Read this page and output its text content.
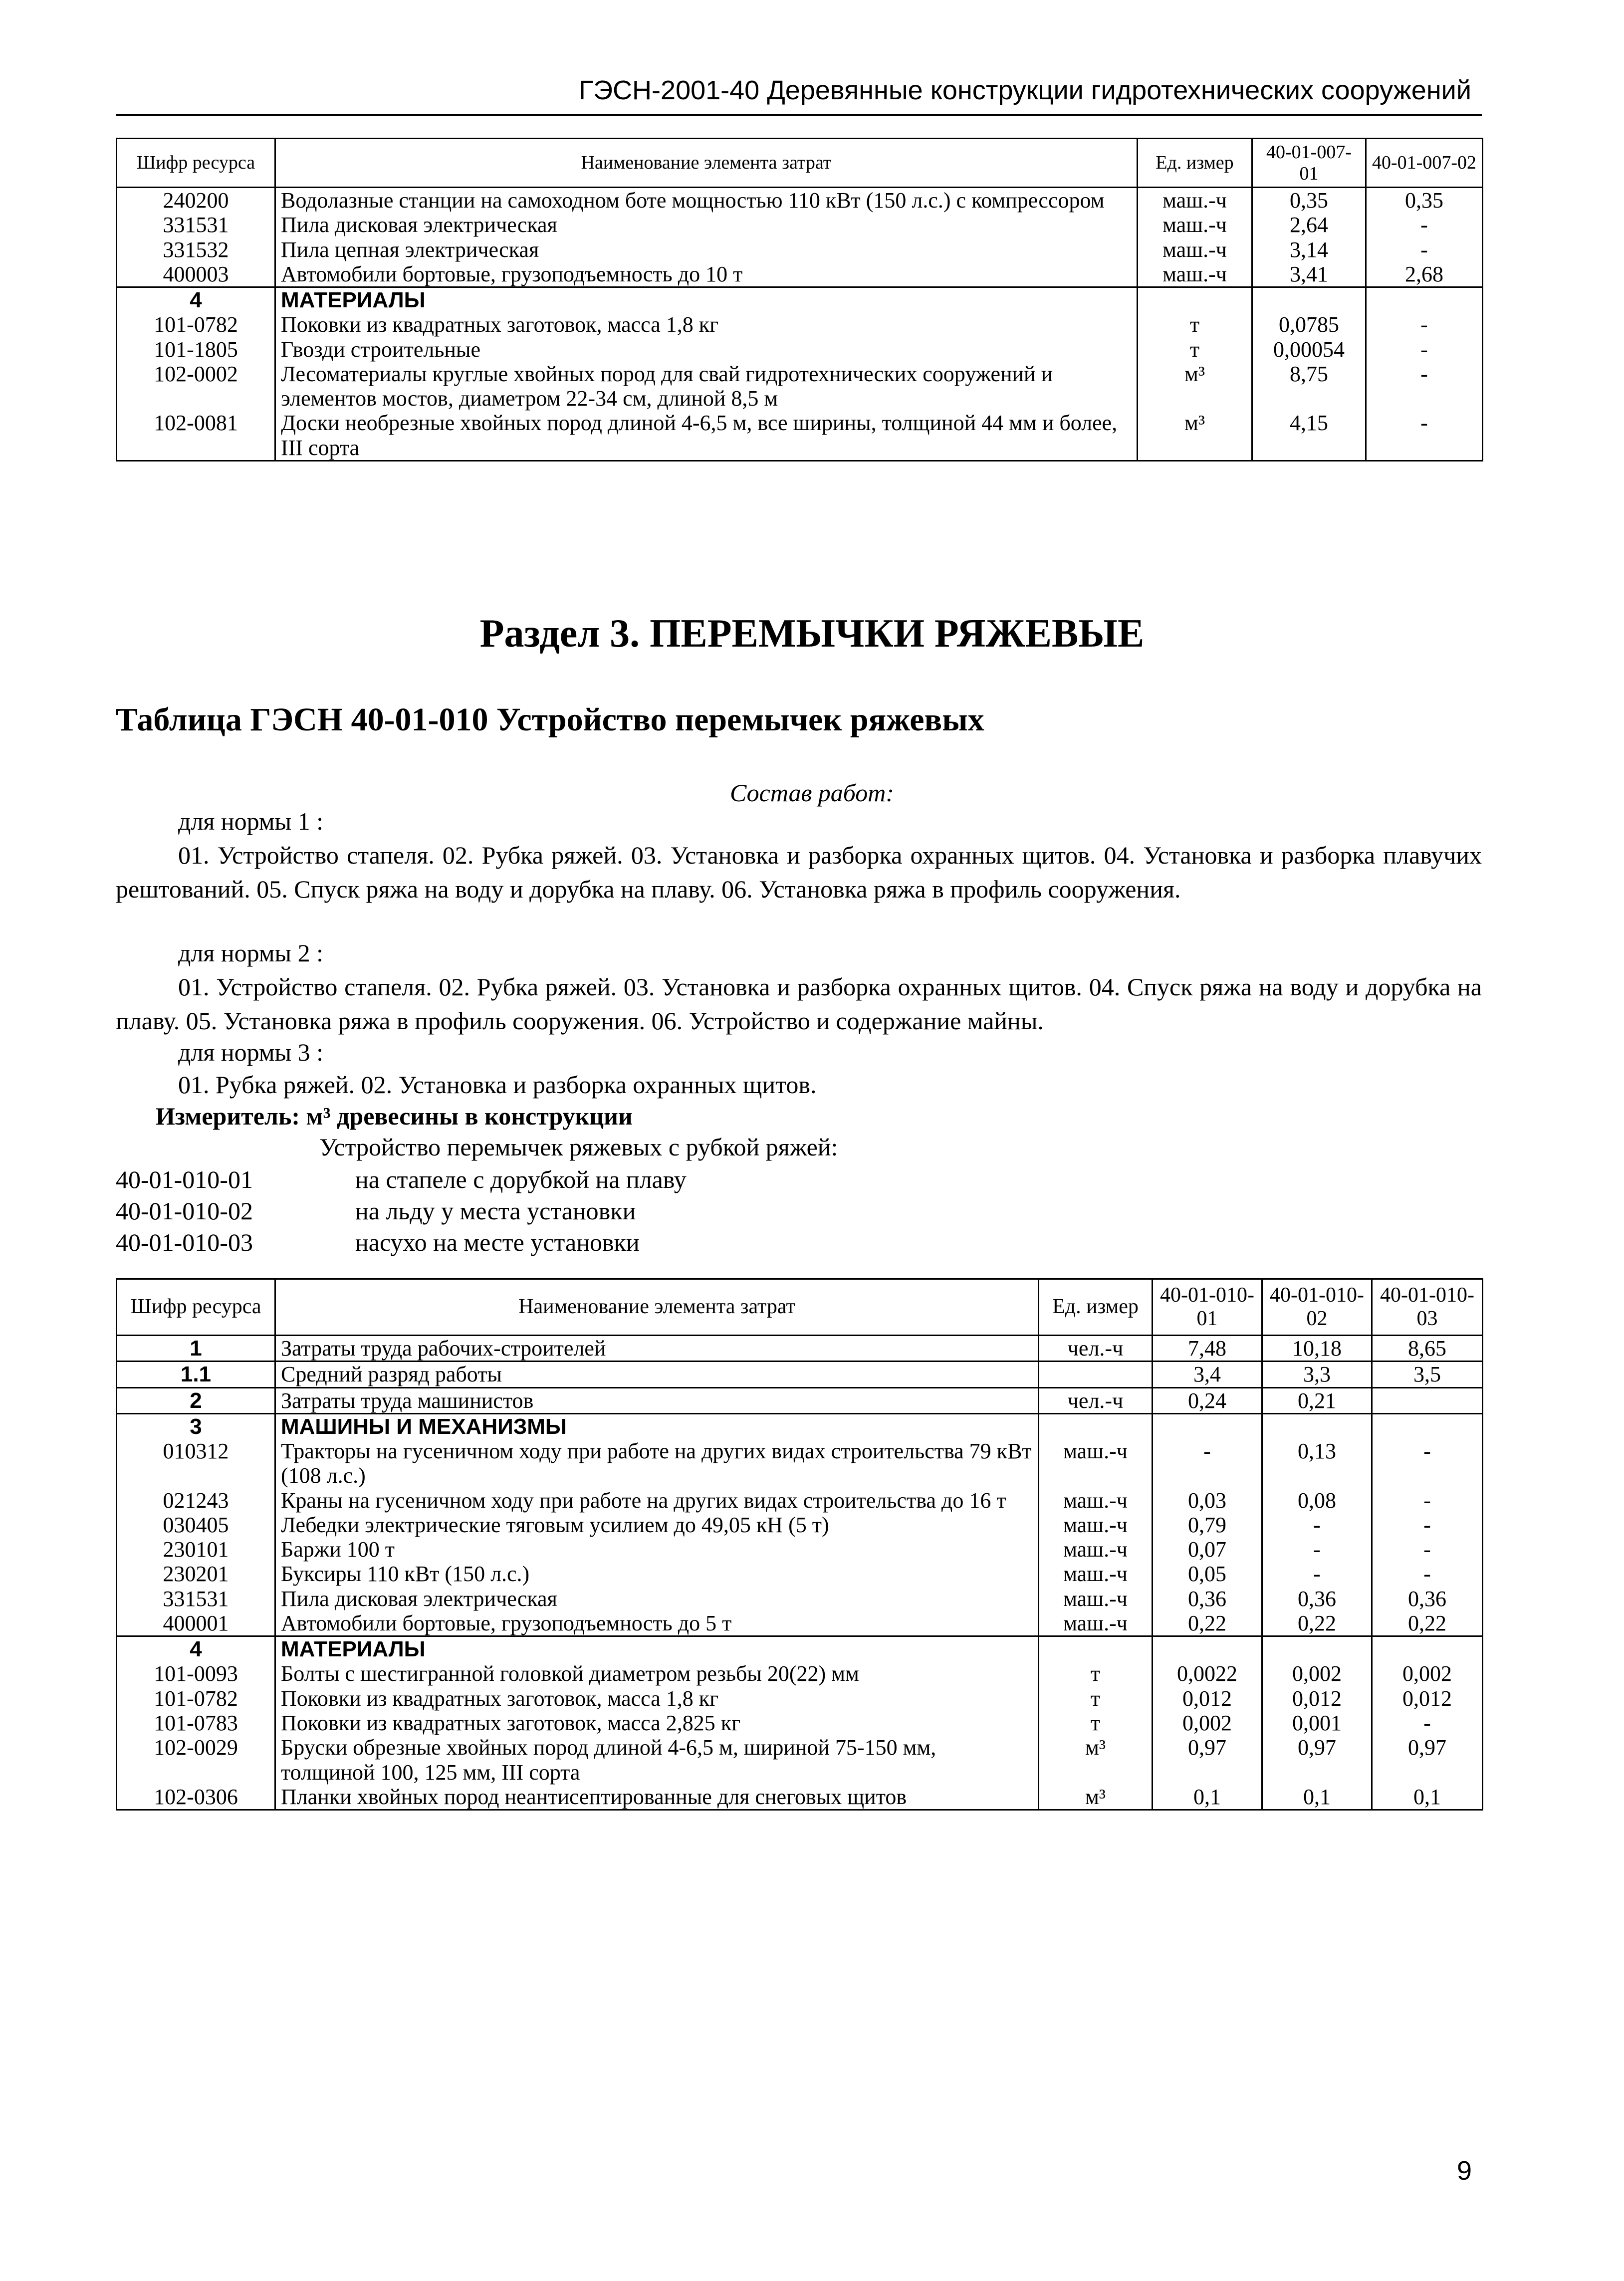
ГЭСН-2001-40 Деревянные конструкции гидротехнических сооружений
Шифр ресурса	Наименование элемента затрат	Ед. измер	40-01-007-01	40-01-007-02
240200	Водолазные станции на самоходном боте мощностью 110 кВт (150 л.с.) с компрессором	маш.-ч	0,35	0,35
331531	Пила дисковая электрическая	маш.-ч	2,64	-
331532	Пила цепная электрическая	маш.-ч	3,14	-
400003	Автомобили бортовые, грузоподъемность до 10 т	маш.-ч	3,41	2,68
4	МАТЕРИАЛЫ			
101-0782	Поковки из квадратных заготовок, масса 1,8 кг	т	0,0785	-
101-1805	Гвозди строительные	т	0,00054	-
102-0002	Лесоматериалы круглые хвойных пород для свай гидротехнических сооружений и элементов мостов, диаметром 22-34 см, длиной 8,5 м	м³	8,75	-
102-0081	Доски необрезные хвойных пород длиной 4-6,5 м, все ширины, толщиной 44 мм и более, III сорта	м³	4,15	-
Раздел 3. ПЕРЕМЫЧКИ РЯЖЕВЫЕ
Таблица ГЭСН 40-01-010 Устройство перемычек ряжевых
Состав работ:
для нормы 1 :
01. Устройство стапеля. 02. Рубка ряжей. 03. Установка и разборка охранных щитов. 04. Установка и разборка плавучих рештований. 05. Спуск ряжа на воду и дорубка на плаву. 06. Установка ряжа в профиль сооружения.
для нормы 2 :
01. Устройство стапеля. 02. Рубка ряжей. 03. Установка и разборка охранных щитов. 04. Спуск ряжа на воду и дорубка на плаву. 05. Установка ряжа в профиль сооружения. 06. Устройство и содержание майны.
для нормы 3 :
01. Рубка ряжей. 02. Установка и разборка охранных щитов.
Измеритель: м³ древесины в конструкции
Устройство перемычек ряжевых с рубкой ряжей:
40-01-010-01	на стапеле с дорубкой на плаву
40-01-010-02	на льду у места установки
40-01-010-03	насухо на месте установки
Шифр ресурса	Наименование элемента затрат	Ед. измер	40-01-010-01	40-01-010-02	40-01-010-03
1	Затраты труда рабочих-строителей	чел.-ч	7,48	10,18	8,65
1.1	Средний разряд работы		3,4	3,3	3,5
2	Затраты труда машинистов	чел.-ч	0,24	0,21	
3	МАШИНЫ И МЕХАНИЗМЫ				
010312	Тракторы на гусеничном ходу при работе на других видах строительства 79 кВт (108 л.с.)	маш.-ч	-	0,13	-
021243	Краны на гусеничном ходу при работе на других видах строительства до 16 т	маш.-ч	0,03	0,08	-
030405	Лебедки электрические тяговым усилием до 49,05 кН (5 т)	маш.-ч	0,79	-	-
230101	Баржи 100 т	маш.-ч	0,07	-	-
230201	Буксиры 110 кВт (150 л.с.)	маш.-ч	0,05	-	-
331531	Пила дисковая электрическая	маш.-ч	0,36	0,36	0,36
400001	Автомобили бортовые, грузоподъемность до 5 т	маш.-ч	0,22	0,22	0,22
4	МАТЕРИАЛЫ				
101-0093	Болты с шестигранной головкой диаметром резьбы 20(22) мм	т	0,0022	0,002	0,002
101-0782	Поковки из квадратных заготовок, масса 1,8 кг	т	0,012	0,012	0,012
101-0783	Поковки из квадратных заготовок, масса 2,825 кг	т	0,002	0,001	-
102-0029	Бруски обрезные хвойных пород длиной 4-6,5 м, шириной 75-150 мм, толщиной 100, 125 мм, III сорта	м³	0,97	0,97	0,97
102-0306	Планки хвойных пород неантисептированные для снеговых щитов	м³	0,1	0,1	0,1
9
